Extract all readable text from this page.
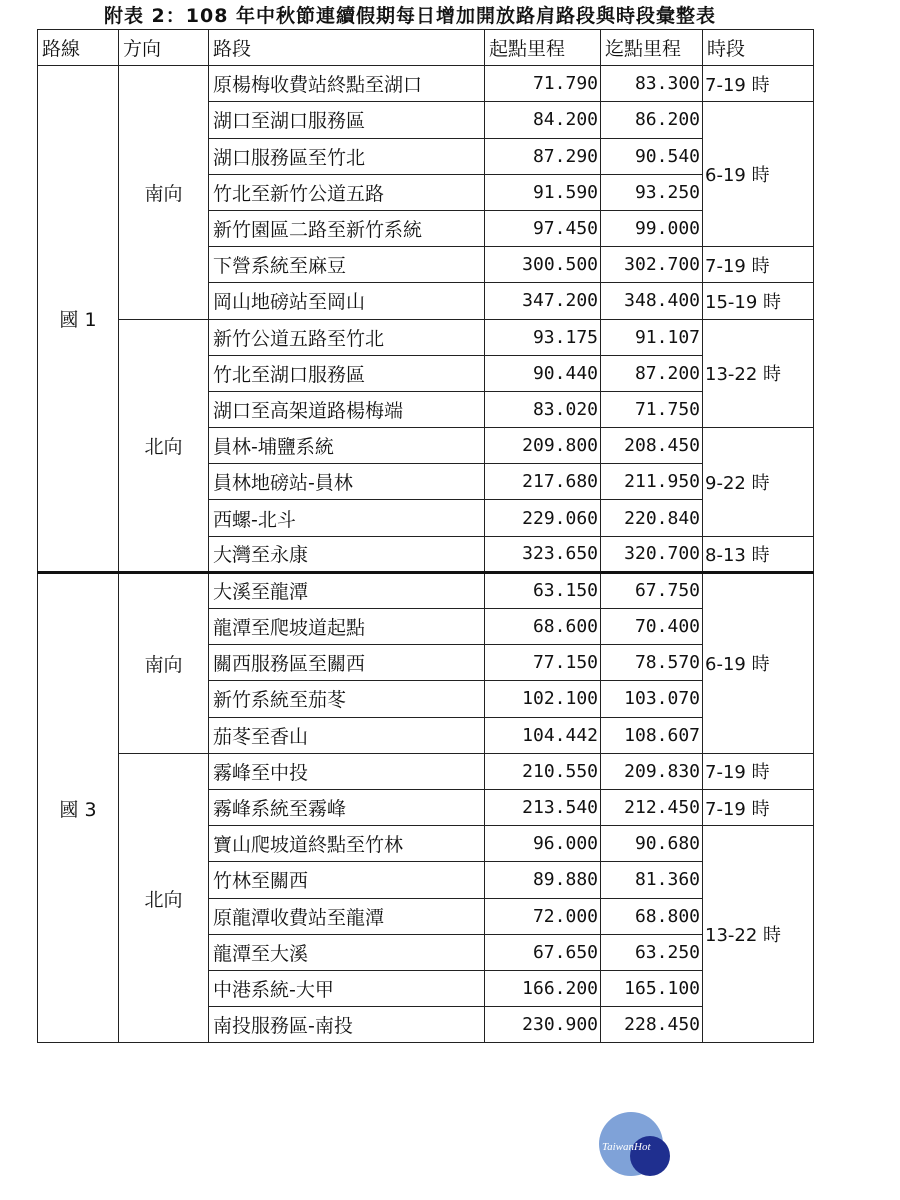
附表 2：108 年中秋節連續假期每日增加開放路肩路段與時段彙整表
路線	方向	路段	起點里程	迄點里程	時段
國 1	南向	原楊梅收費站終點至湖口	71.790	83.300	7-19 時
		湖口至湖口服務區	84.200	86.200	6-19 時
		湖口服務區至竹北	87.290	90.540	
		竹北至新竹公道五路	91.590	93.250	
		新竹園區二路至新竹系統	97.450	99.000	
		下營系統至麻豆	300.500	302.700	7-19 時
		岡山地磅站至岡山	347.200	348.400	15-19 時
	北向	新竹公道五路至竹北	93.175	91.107	13-22 時
		竹北至湖口服務區	90.440	87.200	
		湖口至高架道路楊梅端	83.020	71.750	
		員林-埔鹽系統	209.800	208.450	9-22 時
		員林地磅站-員林	217.680	211.950	
		西螺-北斗	229.060	220.840	
		大灣至永康	323.650	320.700	8-13 時
國 3	南向	大溪至龍潭	63.150	67.750	6-19 時
		龍潭至爬坡道起點	68.600	70.400	
		關西服務區至關西	77.150	78.570	
		新竹系統至茄苳	102.100	103.070	
		茄苳至香山	104.442	108.607	
	北向	霧峰至中投	210.550	209.830	7-19 時
		霧峰系統至霧峰	213.540	212.450	7-19 時
		寶山爬坡道終點至竹林	96.000	90.680	13-22 時
		竹林至關西	89.880	81.360	
		原龍潭收費站至龍潭	72.000	68.800	
		龍潭至大溪	67.650	63.250	
		中港系統-大甲	166.200	165.100	
		南投服務區-南投	230.900	228.450	
TaiwanHot
